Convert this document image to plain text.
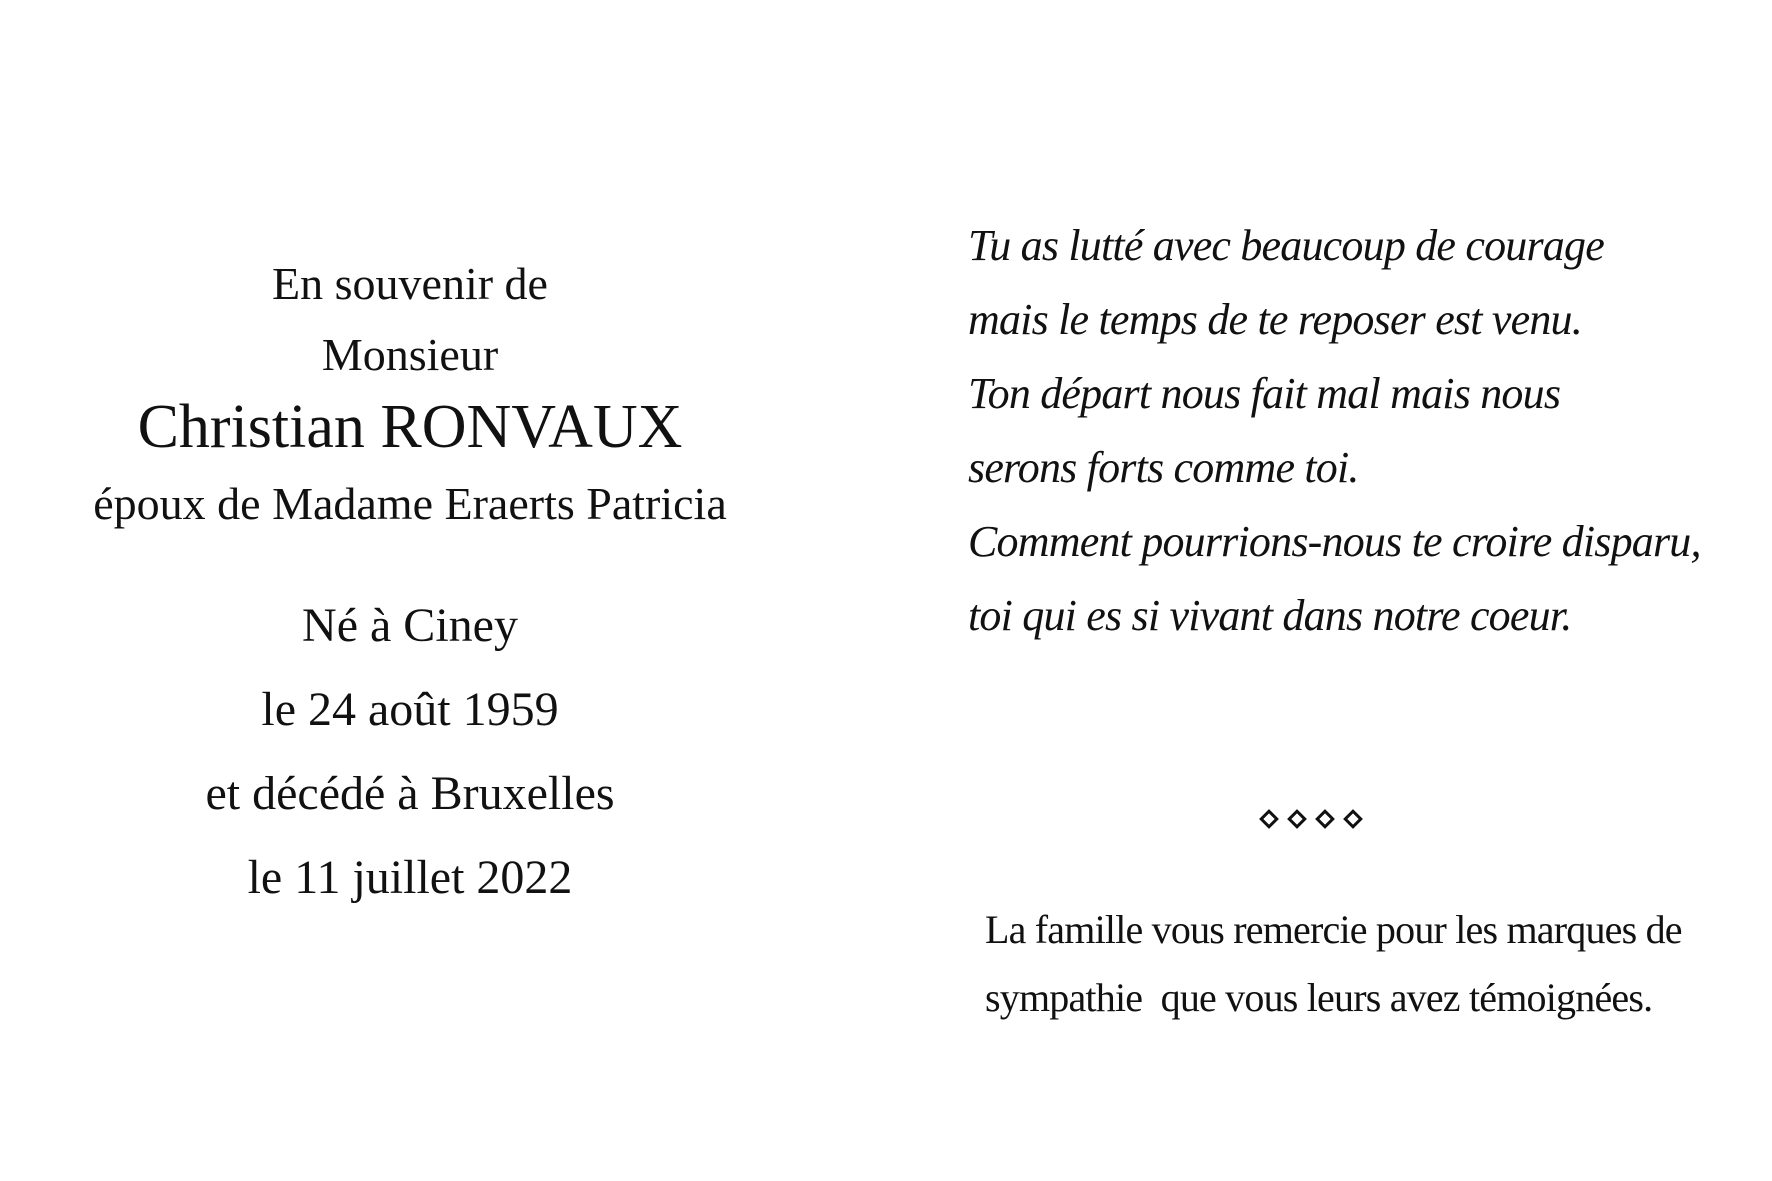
En souvenir de
Monsieur
Christian RONVAUX
époux de Madame Eraerts Patricia
Né à Ciney
le 24 août 1959
et décédé à Bruxelles
le 11 juillet 2022
Tu as lutté avec beaucoup de courage
mais le temps de te reposer est venu.
Ton départ nous fait mal mais nous
serons forts comme toi.
Comment pourrions-nous te croire disparu,
toi qui es si vivant dans notre coeur.
La famille vous remercie pour les marques de
sympathie  que vous leurs avez témoignées.
